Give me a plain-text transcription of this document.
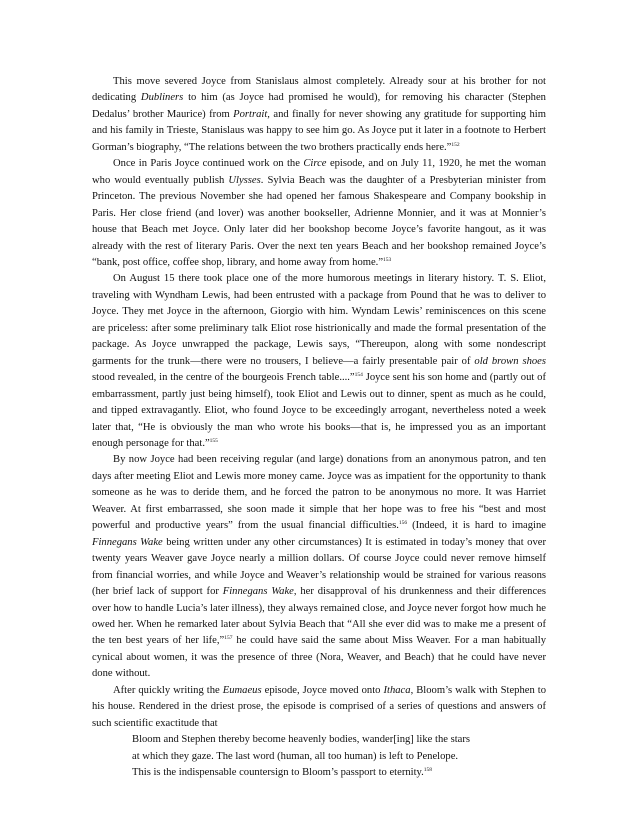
This move severed Joyce from Stanislaus almost completely. Already sour at his brother for not dedicating Dubliners to him (as Joyce had promised he would), for removing his character (Stephen Dedalus’ brother Maurice) from Portrait, and finally for never showing any gratitude for supporting him and his family in Trieste, Stanislaus was happy to see him go. As Joyce put it later in a footnote to Herbert Gorman’s biography, “The relations between the two brothers practically ends here.”$^{152}$

Once in Paris Joyce continued work on the Circe episode, and on July 11, 1920, he met the woman who would eventually publish Ulysses. Sylvia Beach was the daughter of a Presbyterian minister from Princeton. The previous November she had opened her famous Shakespeare and Company bookship in Paris. Her close friend (and lover) was another bookseller, Adrienne Monnier, and it was at Monnier’s house that Beach met Joyce. Only later did her bookshop become Joyce’s favorite hangout, as it was already with the rest of literary Paris. Over the next ten years Beach and her bookshop remained Joyce’s “bank, post office, coffee shop, library, and home away from home.”$^{153}$

On August 15 there took place one of the more humorous meetings in literary history. T. S. Eliot, traveling with Wyndham Lewis, had been entrusted with a package from Pound that he was to deliver to Joyce. They met Joyce in the afternoon, Giorgio with him. Wyndam Lewis’ reminiscences on this scene are priceless: after some preliminary talk Eliot rose histrionically and made the formal presentation of the package. As Joyce unwrapped the package, Lewis says, “Thereupon, along with some nondescript garments for the trunk—there were no trousers, I believe—a fairly presentable pair of old brown shoes stood revealed, in the centre of the bourgeois French table....”$^{154}$ Joyce sent his son home and (partly out of embarrassment, partly just being himself), took Eliot and Lewis out to dinner, spent as much as he could, and tipped extravagantly. Eliot, who found Joyce to be exceedingly arrogant, nevertheless noted a week later that, “He is obviously the man who wrote his books—that is, he impressed you as an important enough personage for that.”$^{155}$

By now Joyce had been receiving regular (and large) donations from an anonymous patron, and ten days after meeting Eliot and Lewis more money came. Joyce was as impatient for the opportunity to thank someone as he was to deride them, and he forced the patron to be anonymous no more. It was Harriet Weaver. At first embarrassed, she soon made it simple that her hope was to free his “best and most powerful and productive years” from the usual financial difficulties.$^{156}$ (Indeed, it is hard to imagine Finnegans Wake being written under any other circumstances) It is estimated in today’s money that over twenty years Weaver gave Joyce nearly a million dollars. Of course Joyce could never remove himself from financial worries, and while Joyce and Weaver’s relationship would be strained for various reasons (her brief lack of support for Finnegans Wake, her disapproval of his drunkenness and their differences over how to handle Lucia’s later illness), they always remained close, and Joyce never forgot how much he owed her. When he remarked later about Sylvia Beach that “All she ever did was to make me a present of the ten best years of her life,”$^{157}$ he could have said the same about Miss Weaver. For a man habitually cynical about women, it was the presence of three (Nora, Weaver, and Beach) that he could have never done without.

After quickly writing the Eumaeus episode, Joyce moved onto Ithaca, Bloom’s walk with Stephen to his house. Rendered in the driest prose, the episode is comprised of a series of questions and answers of such scientific exactitude that

Bloom and Stephen thereby become heavenly bodies, wander[ing] like the stars
at which they gaze. The last word (human, all too human) is left to Penelope.
This is the indispensable countersign to Bloom’s passport to eternity.$^{158}$
